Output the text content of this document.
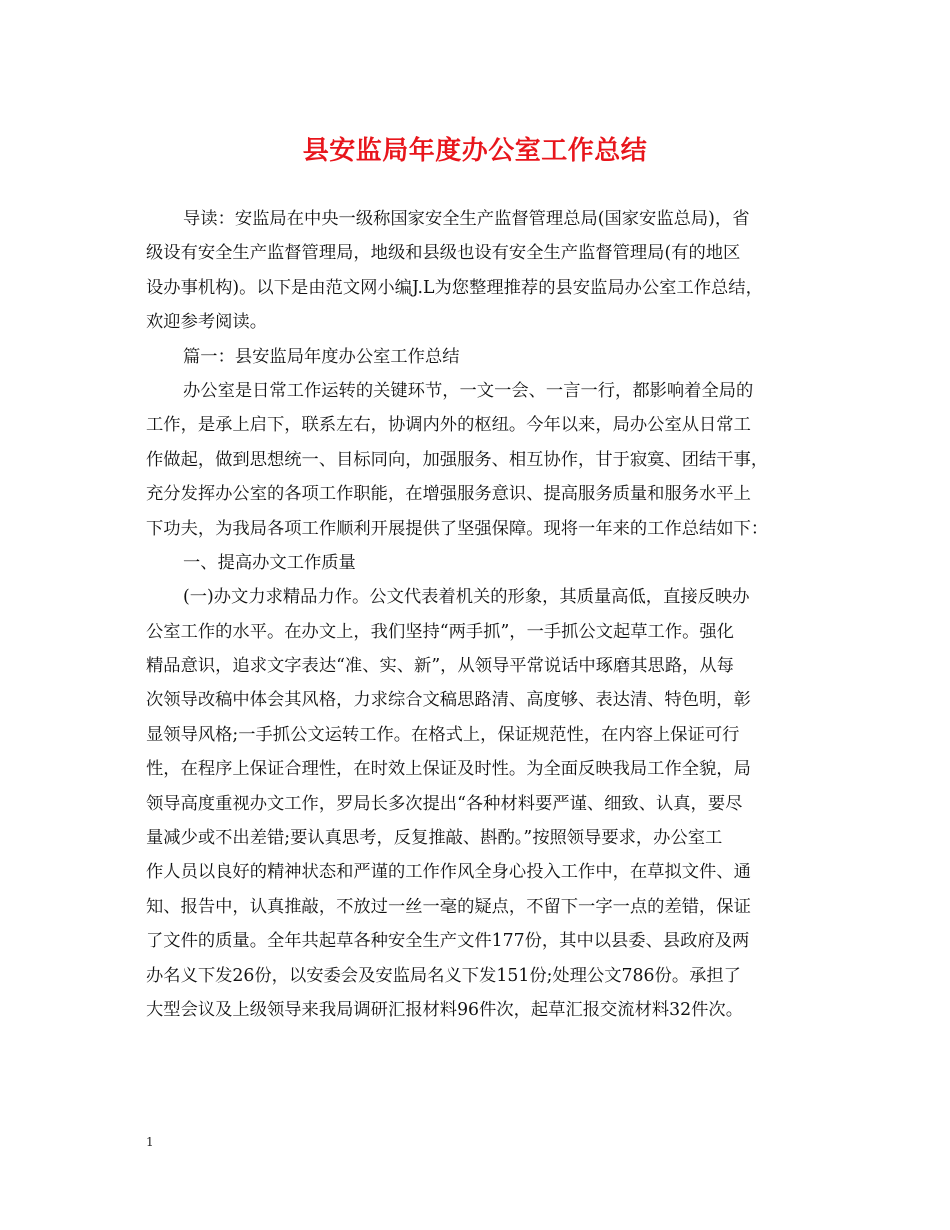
县安监局年度办公室工作总结
导读：安监局在中央一级称国家安全生产监督管理总局(国家安监总局)，省
级设有安全生产监督管理局，地级和县级也设有安全生产监督管理局(有的地区
设办事机构)。以下是由范文网小编J.L为您整理推荐的县安监局办公室工作总结，
欢迎参考阅读。
篇一：县安监局年度办公室工作总结
办公室是日常工作运转的关键环节，一文一会、一言一行，都影响着全局的
工作，是承上启下，联系左右，协调内外的枢纽。今年以来，局办公室从日常工
作做起，做到思想统一、目标同向，加强服务、相互协作，甘于寂寞、团结干事，
充分发挥办公室的各项工作职能，在增强服务意识、提高服务质量和服务水平上
下功夫，为我局各项工作顺利开展提供了坚强保障。现将一年来的工作总结如下：
一、提高办文工作质量
(一)办文力求精品力作。公文代表着机关的形象，其质量高低，直接反映办
公室工作的水平。在办文上，我们坚持“两手抓”，一手抓公文起草工作。强化
精品意识，追求文字表达“准、实、新”，从领导平常说话中琢磨其思路，从每
次领导改稿中体会其风格，力求综合文稿思路清、高度够、表达清、特色明，彰
显领导风格;一手抓公文运转工作。在格式上，保证规范性，在内容上保证可行
性，在程序上保证合理性，在时效上保证及时性。为全面反映我局工作全貌，局
领导高度重视办文工作，罗局长多次提出“各种材料要严谨、细致、认真，要尽
量减少或不出差错;要认真思考，反复推敲、斟酌。”按照领导要求，办公室工
作人员以良好的精神状态和严谨的工作作风全身心投入工作中，在草拟文件、通
知、报告中，认真推敲，不放过一丝一毫的疑点，不留下一字一点的差错，保证
了文件的质量。全年共起草各种安全生产文件177份，其中以县委、县政府及两
办名义下发26份，以安委会及安监局名义下发151份;处理公文786份。承担了
大型会议及上级领导来我局调研汇报材料96件次，起草汇报交流材料32件次。
1
